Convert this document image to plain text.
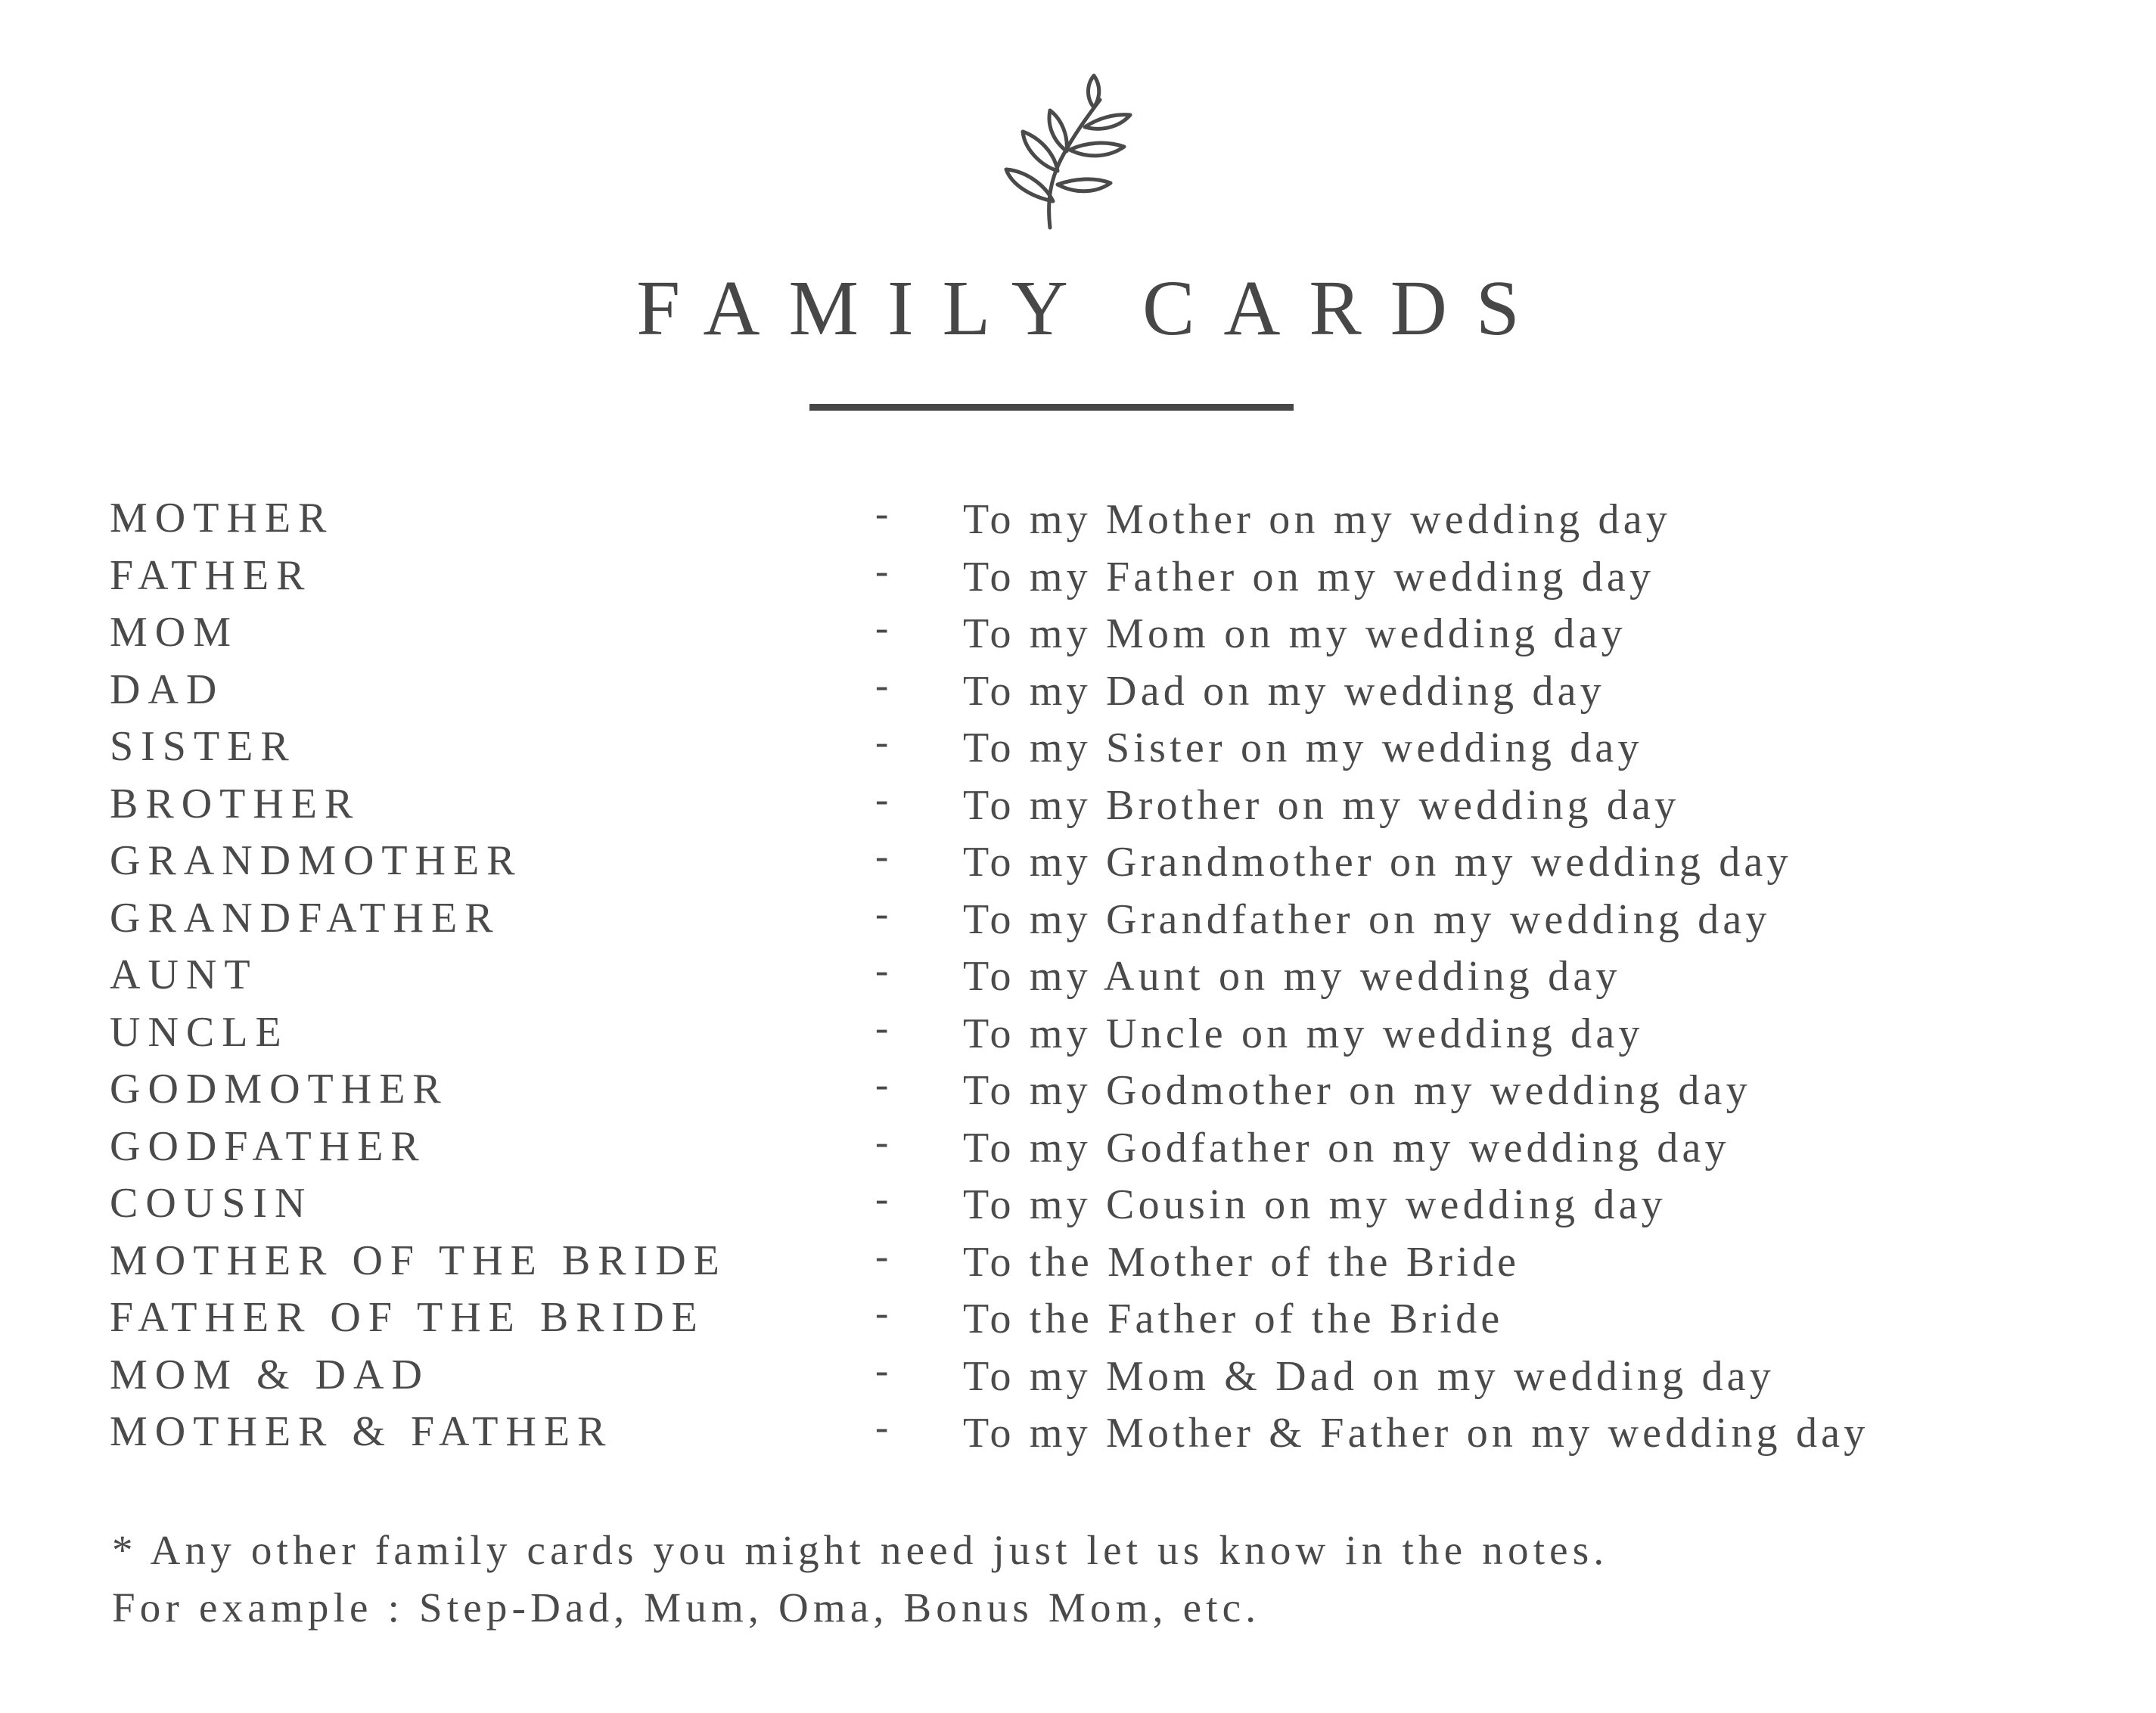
FAMILY CARDS
MOTHER	- To my Mother on my wedding day
FATHER	- To my Father on my wedding day
MOM	- To my Mom on my wedding day
DAD	- To my Dad on my wedding day
SISTER	- To my Sister on my wedding day
BROTHER	- To my Brother on my wedding day
GRANDMOTHER	- To my Grandmother on my wedding day
GRANDFATHER	- To my Grandfather on my wedding day
AUNT	- To my Aunt on my wedding day
UNCLE	- To my Uncle on my wedding day
GODMOTHER	- To my Godmother on my wedding day
GODFATHER	- To my Godfather on my wedding day
COUSIN	- To my Cousin on my wedding day
MOTHER OF THE BRIDE	- To the Mother of the Bride
FATHER OF THE BRIDE	- To the Father of the Bride
MOM & DAD	- To my Mom & Dad on my wedding day
MOTHER & FATHER	- To my Mother & Father on my wedding day
* Any other family cards you might need just let us know in the notes.
For example : Step-Dad, Mum, Oma, Bonus Mom, etc.
